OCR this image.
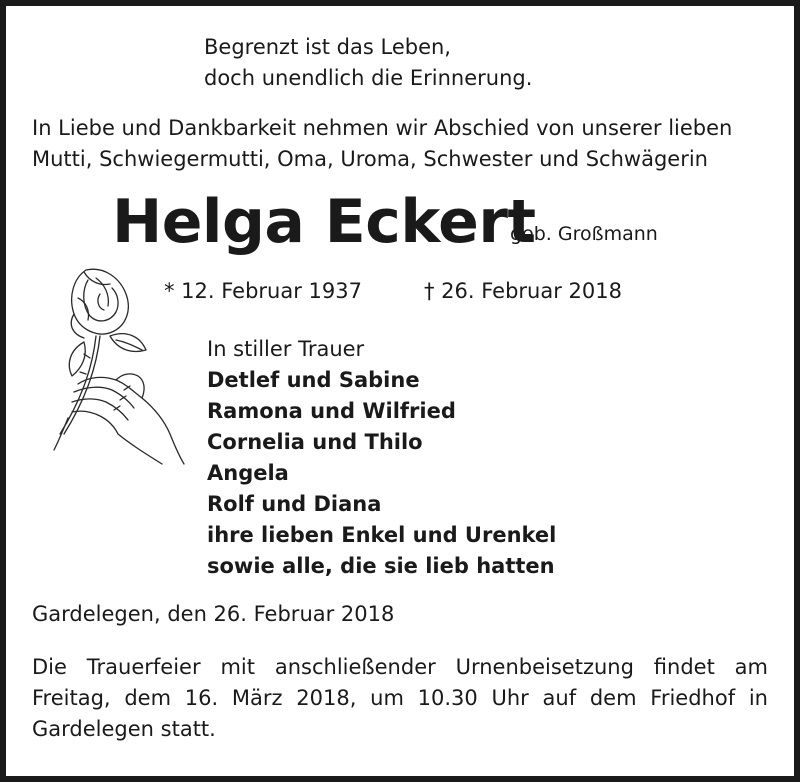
Begrenzt ist das Leben,
doch unendlich die Erinnerung.
In Liebe und Dankbarkeit nehmen wir Abschied von unserer lieben
Mutti, Schwiegermutti, Oma, Uroma, Schwester und Schwägerin
Helga Eckert
geb. Großmann
* 12. Februar 1937	† 26. Februar 2018
In stiller Trauer
Detlef und Sabine
Ramona und Wilfried
Cornelia und Thilo
Angela
Rolf und Diana
ihre lieben Enkel und Urenkel
sowie alle, die sie lieb hatten
Gardelegen, den 26. Februar 2018
Die Trauerfeier mit anschließender Urnenbeisetzung findet am Freitag, dem 16. März 2018, um 10.30 Uhr auf dem Friedhof in Gardelegen statt.
